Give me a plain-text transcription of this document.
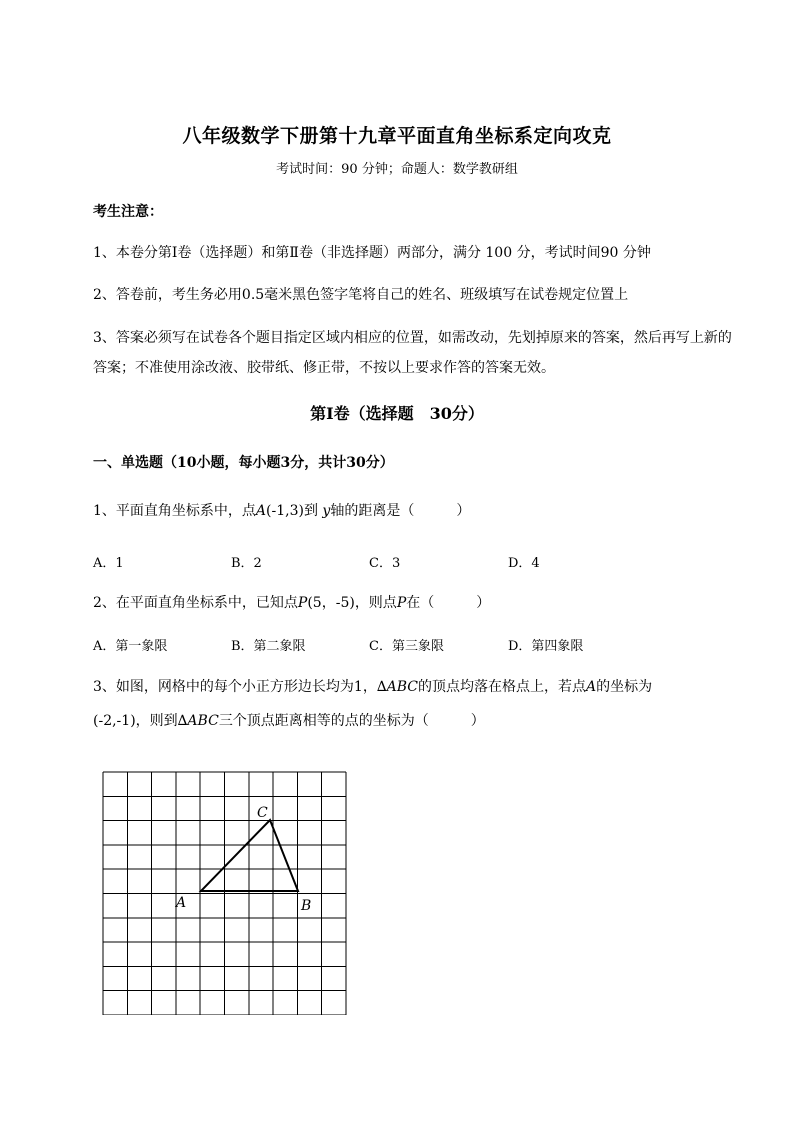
八年级数学下册第十九章平面直角坐标系定向攻克
考试时间：90 分钟；命题人：数学教研组
考生注意：
1、本卷分第Ⅰ卷（选择题）和第Ⅱ卷（非选择题）两部分，满分 100 分，考试时间90 分钟
2、答卷前，考生务必用0.5毫米黑色签字笔将自己的姓名、班级填写在试卷规定位置上
3、答案必须写在试卷各个题目指定区域内相应的位置，如需改动，先划掉原来的答案，然后再写上新的答案；不准使用涂改液、胶带纸、修正带，不按以上要求作答的答案无效。
第Ⅰ卷（选择题　30分）
一、单选题（10小题，每小题3分，共计30分）
1、平面直角坐标系中，点A(-1,3)到 y轴的距离是（　　　）
A．1	B．2	C．3	D．4
2、在平面直角坐标系中，已知点P(5，-5)，则点P在（　　　）
A．第一象限	B．第二象限	C．第三象限	D．第四象限
3、如图，网格中的每个小正方形边长均为1，∆ABC的顶点均落在格点上，若点A的坐标为
(-2,-1)，则到∆ABC三个顶点距离相等的点的坐标为（　　　）
A	B
C
